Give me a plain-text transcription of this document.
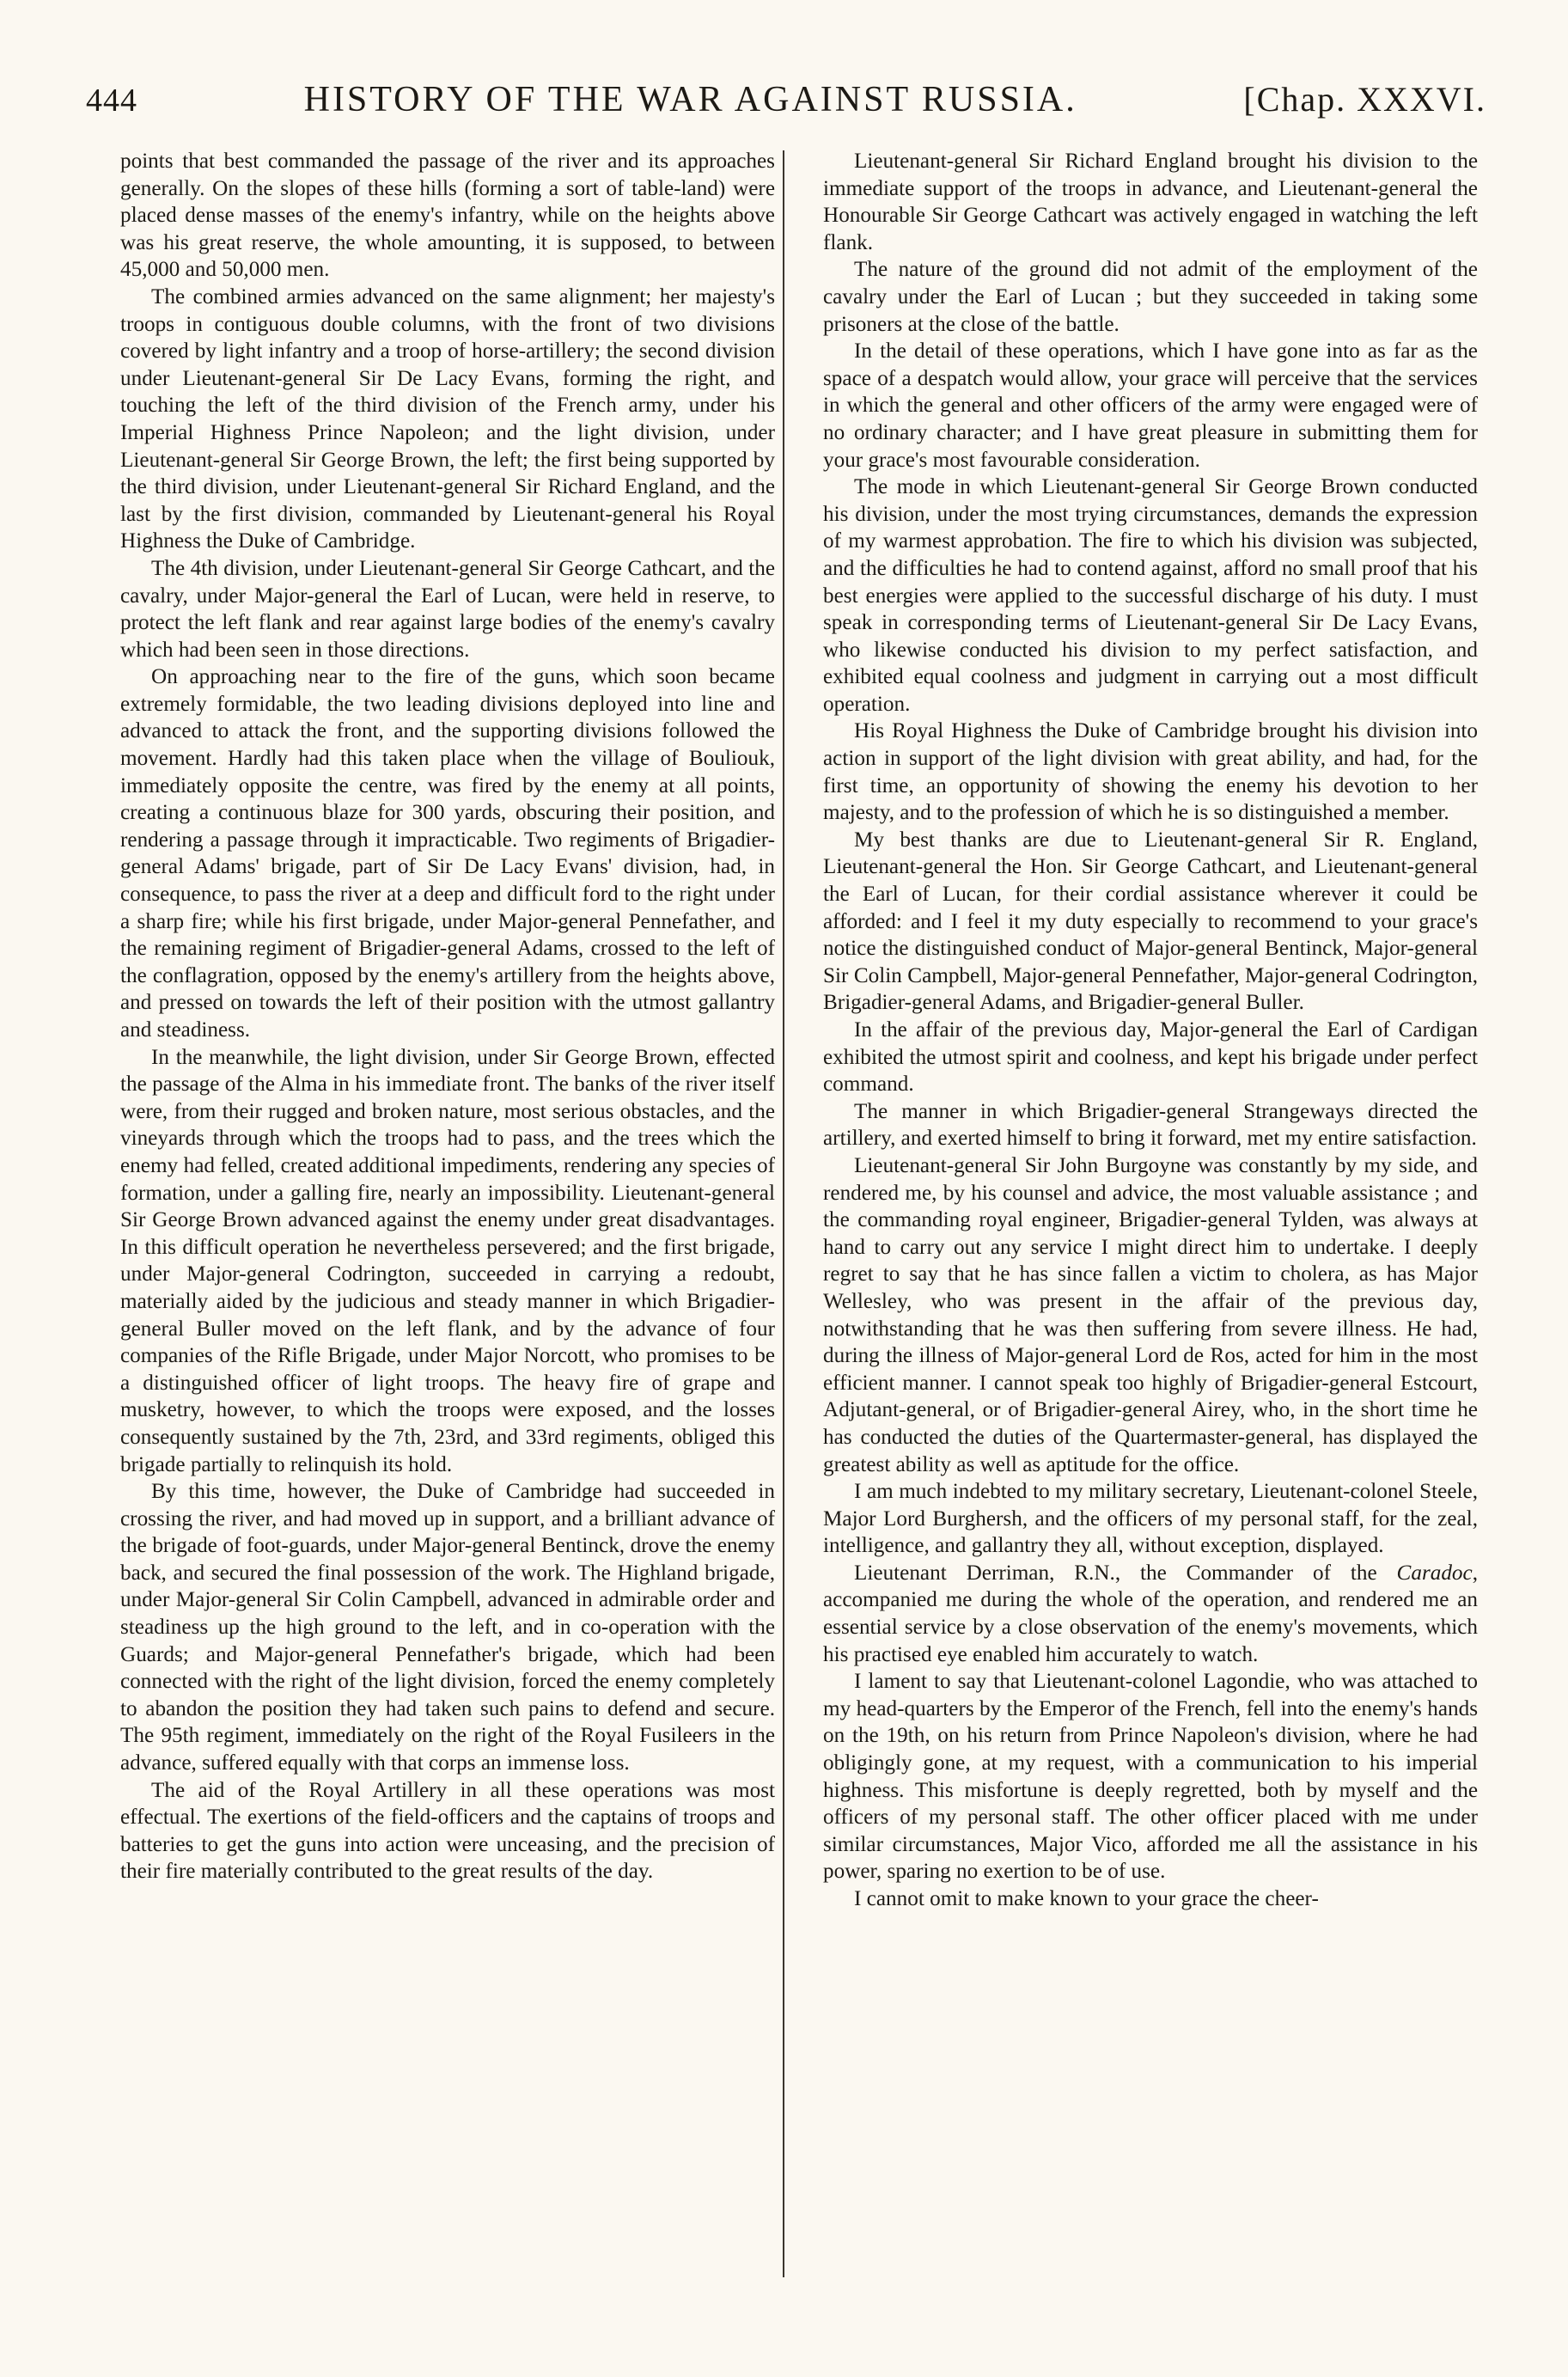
444	HISTORY OF THE WAR AGAINST RUSSIA.	[Chap. XXXVI.

points that best commanded the passage of the river and its approaches generally. On the slopes of these hills (forming a sort of table-land) were placed dense masses of the enemy's infantry, while on the heights above was his great reserve, the whole amounting, it is supposed, to between 45,000 and 50,000 men.

The combined armies advanced on the same alignment; her majesty's troops in contiguous double columns, with the front of two divisions covered by light infantry and a troop of horse-artillery; the second division under Lieutenant-general Sir De Lacy Evans, forming the right, and touching the left of the third division of the French army, under his Imperial Highness Prince Napoleon; and the light division, under Lieutenant-general Sir George Brown, the left; the first being supported by the third division, under Lieutenant-general Sir Richard England, and the last by the first division, commanded by Lieutenant-general his Royal Highness the Duke of Cambridge.

The 4th division, under Lieutenant-general Sir George Cathcart, and the cavalry, under Major-general the Earl of Lucan, were held in reserve, to protect the left flank and rear against large bodies of the enemy's cavalry which had been seen in those directions.

On approaching near to the fire of the guns, which soon became extremely formidable, the two leading divisions deployed into line and advanced to attack the front, and the supporting divisions followed the movement. Hardly had this taken place when the village of Bouliouk, immediately opposite the centre, was fired by the enemy at all points, creating a continuous blaze for 300 yards, obscuring their position, and rendering a passage through it impracticable. Two regiments of Brigadier-general Adams' brigade, part of Sir De Lacy Evans' division, had, in consequence, to pass the river at a deep and difficult ford to the right under a sharp fire; while his first brigade, under Major-general Pennefather, and the remaining regiment of Brigadier-general Adams, crossed to the left of the conflagration, opposed by the enemy's artillery from the heights above, and pressed on towards the left of their position with the utmost gallantry and steadiness.

In the meanwhile, the light division, under Sir George Brown, effected the passage of the Alma in his immediate front. The banks of the river itself were, from their rugged and broken nature, most serious obstacles, and the vineyards through which the troops had to pass, and the trees which the enemy had felled, created additional impediments, rendering any species of formation, under a galling fire, nearly an impossibility. Lieutenant-general Sir George Brown advanced against the enemy under great disadvantages. In this difficult operation he nevertheless persevered; and the first brigade, under Major-general Codrington, succeeded in carrying a redoubt, materially aided by the judicious and steady manner in which Brigadier-general Buller moved on the left flank, and by the advance of four companies of the Rifle Brigade, under Major Norcott, who promises to be a distinguished officer of light troops. The heavy fire of grape and musketry, however, to which the troops were exposed, and the losses consequently sustained by the 7th, 23rd, and 33rd regiments, obliged this brigade partially to relinquish its hold.

By this time, however, the Duke of Cambridge had succeeded in crossing the river, and had moved up in support, and a brilliant advance of the brigade of foot-guards, under Major-general Bentinck, drove the enemy back, and secured the final possession of the work. The Highland brigade, under Major-general Sir Colin Campbell, advanced in admirable order and steadiness up the high ground to the left, and in co-operation with the Guards; and Major-general Pennefather's brigade, which had been connected with the right of the light division, forced the enemy completely to abandon the position they had taken such pains to defend and secure. The 95th regiment, immediately on the right of the Royal Fusileers in the advance, suffered equally with that corps an immense loss.

The aid of the Royal Artillery in all these operations was most effectual. The exertions of the field-officers and the captains of troops and batteries to get the guns into action were unceasing, and the precision of their fire materially contributed to the great results of the day.

Lieutenant-general Sir Richard England brought his division to the immediate support of the troops in advance, and Lieutenant-general the Honourable Sir George Cathcart was actively engaged in watching the left flank.

The nature of the ground did not admit of the employment of the cavalry under the Earl of Lucan ; but they succeeded in taking some prisoners at the close of the battle.

In the detail of these operations, which I have gone into as far as the space of a despatch would allow, your grace will perceive that the services in which the general and other officers of the army were engaged were of no ordinary character; and I have great pleasure in submitting them for your grace's most favourable consideration.

The mode in which Lieutenant-general Sir George Brown conducted his division, under the most trying circumstances, demands the expression of my warmest approbation. The fire to which his division was subjected, and the difficulties he had to contend against, afford no small proof that his best energies were applied to the successful discharge of his duty. I must speak in corresponding terms of Lieutenant-general Sir De Lacy Evans, who likewise conducted his division to my perfect satisfaction, and exhibited equal coolness and judgment in carrying out a most difficult operation.

His Royal Highness the Duke of Cambridge brought his division into action in support of the light division with great ability, and had, for the first time, an opportunity of showing the enemy his devotion to her majesty, and to the profession of which he is so distinguished a member.

My best thanks are due to Lieutenant-general Sir R. England, Lieutenant-general the Hon. Sir George Cathcart, and Lieutenant-general the Earl of Lucan, for their cordial assistance wherever it could be afforded: and I feel it my duty especially to recommend to your grace's notice the distinguished conduct of Major-general Bentinck, Major-general Sir Colin Campbell, Major-general Pennefather, Major-general Codrington, Brigadier-general Adams, and Brigadier-general Buller.

In the affair of the previous day, Major-general the Earl of Cardigan exhibited the utmost spirit and coolness, and kept his brigade under perfect command.

The manner in which Brigadier-general Strangeways directed the artillery, and exerted himself to bring it forward, met my entire satisfaction.

Lieutenant-general Sir John Burgoyne was constantly by my side, and rendered me, by his counsel and advice, the most valuable assistance ; and the commanding royal engineer, Brigadier-general Tylden, was always at hand to carry out any service I might direct him to undertake. I deeply regret to say that he has since fallen a victim to cholera, as has Major Wellesley, who was present in the affair of the previous day, notwithstanding that he was then suffering from severe illness. He had, during the illness of Major-general Lord de Ros, acted for him in the most efficient manner. I cannot speak too highly of Brigadier-general Estcourt, Adjutant-general, or of Brigadier-general Airey, who, in the short time he has conducted the duties of the Quartermaster-general, has displayed the greatest ability as well as aptitude for the office.

I am much indebted to my military secretary, Lieutenant-colonel Steele, Major Lord Burghersh, and the officers of my personal staff, for the zeal, intelligence, and gallantry they all, without exception, displayed.

Lieutenant Derriman, R.N., the Commander of the Caradoc, accompanied me during the whole of the operation, and rendered me an essential service by a close observation of the enemy's movements, which his practised eye enabled him accurately to watch.

I lament to say that Lieutenant-colonel Lagondie, who was attached to my head-quarters by the Emperor of the French, fell into the enemy's hands on the 19th, on his return from Prince Napoleon's division, where he had obligingly gone, at my request, with a communication to his imperial highness. This misfortune is deeply regretted, both by myself and the officers of my personal staff. The other officer placed with me under similar circumstances, Major Vico, afforded me all the assistance in his power, sparing no exertion to be of use.

I cannot omit to make known to your grace the cheer-
